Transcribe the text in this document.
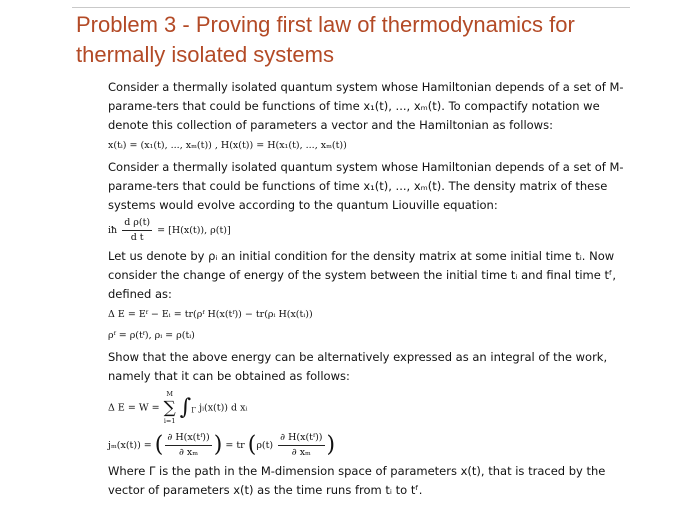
Problem 3 - Proving first law of thermodynamics for thermally isolated systems

Consider a thermally isolated quantum system whose Hamiltonian depends of a set of M-parame-ters that could be functions of time x₁(t), ..., xₘ(t). To compactify notation we denote this collection of parameters a vector and the Hamiltonian as follows:

x(tᵢ) = (x₁(t), ..., xₘ(t)) , H(x(t)) = H(x₁(t), ..., xₘ(t))

Consider a thermally isolated quantum system whose Hamiltonian depends of a set of M-parame-ters that could be functions of time x₁(t), ..., xₘ(t). The density matrix of these systems would evolve according to the quantum Liouville equation:

iħ $\frac{\text{d ρ(t)}}{\text{d t}} = [H(x(t))$, ρ(t)]

Let us denote by ρᵢ an initial condition for the density matrix at some initial time tᵢ. Now consider the change of energy of the system between the initial time tᵢ and final time tᶠ, defined as:

Δ E = Eᶠ − Eᵢ = tr(ρᶠ H(x(tᶠ)) − tr(ρᵢ H(x(tᵢ))
ρᶠ = ρ(tᶠ), ρᵢ = ρ(tᵢ)

Show that the above energy can be alternatively expressed as an integral of the work, namely that it can be obtained as follows:

Δ E = W =
M
∑
i=1
$\int_\Gamma$ jᵢ(x(t)) d xᵢ
jₘ(x(t)) = ( $\frac{\text{∂ H(x(tᶠ))}}{\text{∂ xₘ}}$ ) = tr ($\rho(t) \frac{\text{∂ H(x(tᶠ))}}{\text{∂ xₘ}}$ )

Where Γ is the path in the M-dimension space of parameters x(t), that is traced by the vector of parameters x(t) as the time runs from tᵢ to tᶠ.
